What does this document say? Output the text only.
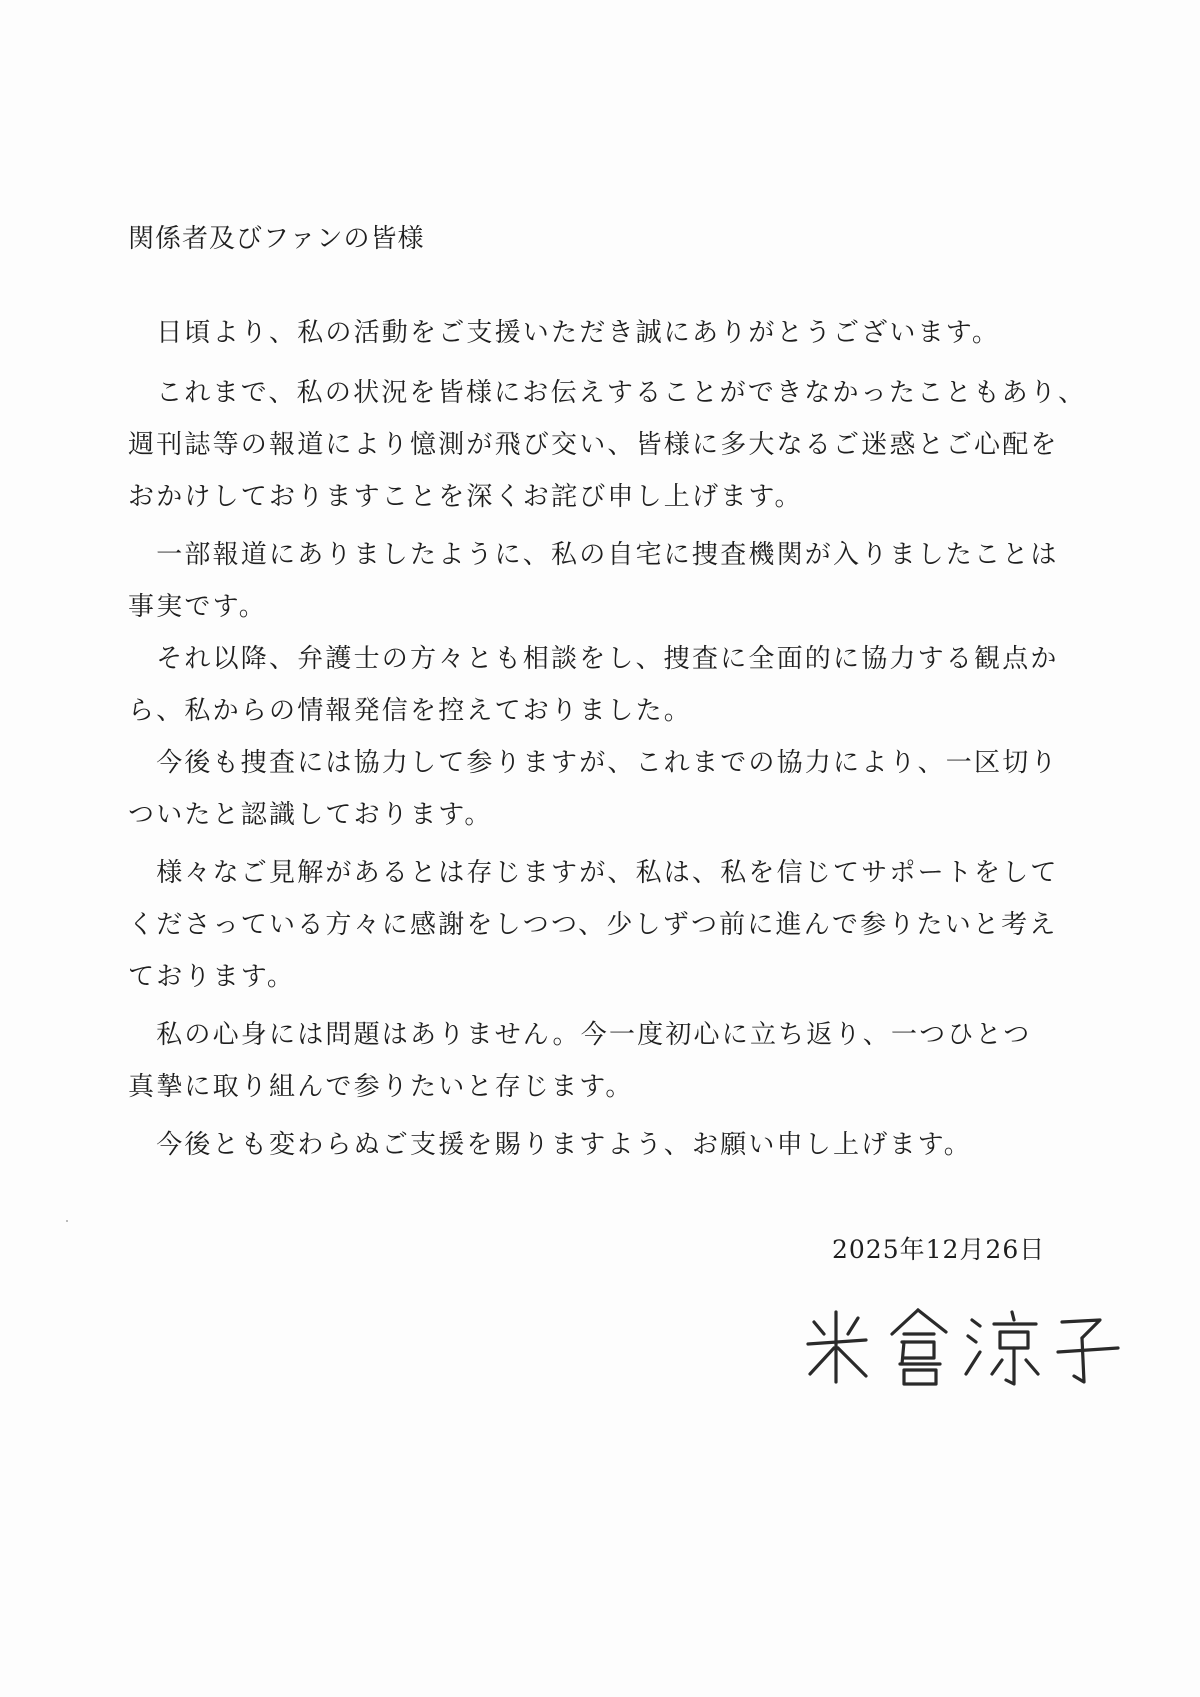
関係者及びファンの皆様
　日頃より、私の活動をご支援いただき誠にありがとうございます。
　これまで、私の状況を皆様にお伝えすることができなかったこともあり、
週刊誌等の報道により憶測が飛び交い、皆様に多大なるご迷惑とご心配を
おかけしておりますことを深くお詫び申し上げます。
　一部報道にありましたように、私の自宅に捜査機関が入りましたことは
事実です。
　それ以降、弁護士の方々とも相談をし、捜査に全面的に協力する観点か
ら、私からの情報発信を控えておりました。
　今後も捜査には協力して参りますが、これまでの協力により、一区切り
ついたと認識しております。
　様々なご見解があるとは存じますが、私は、私を信じてサポートをして
くださっている方々に感謝をしつつ、少しずつ前に進んで参りたいと考え
ております。
　私の心身には問題はありません。今一度初心に立ち返り、一つひとつ
真摯に取り組んで参りたいと存じます。
　今後とも変わらぬご支援を賜りますよう、お願い申し上げます。
2025年12月26日
